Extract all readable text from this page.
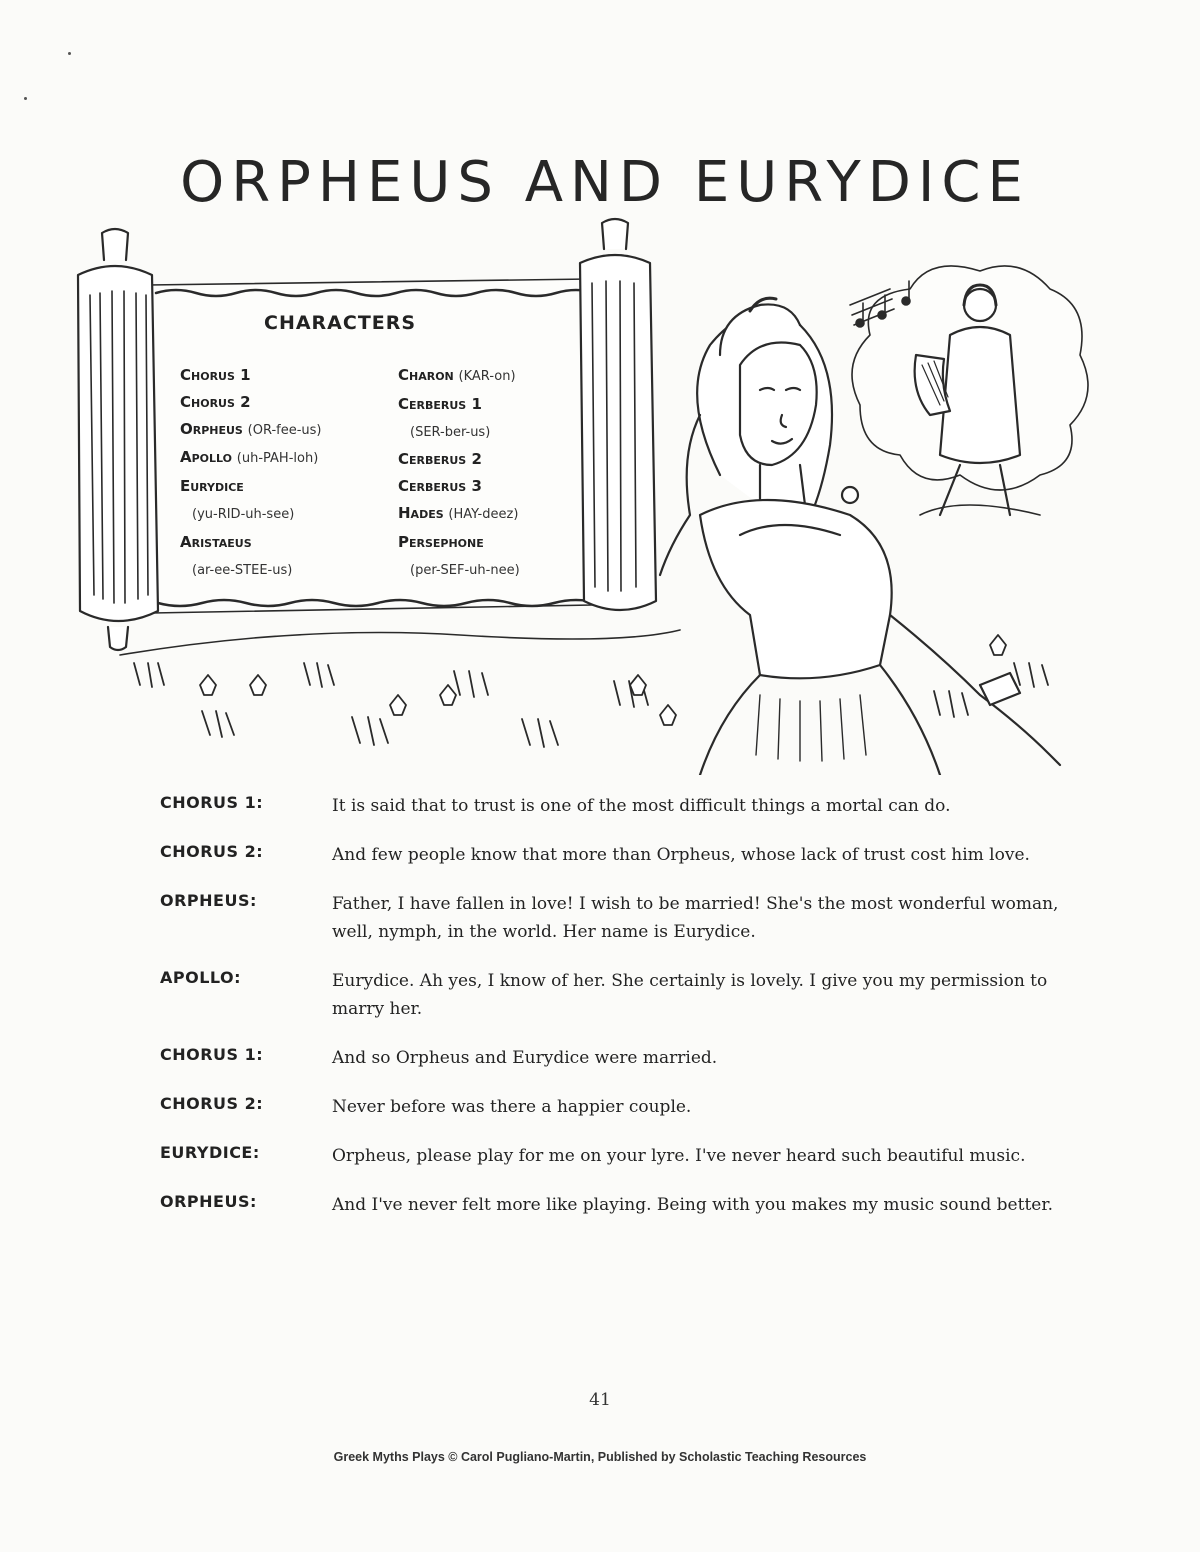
ORPHEUS AND EURYDICE
CHARACTERS
Chorus 1
Chorus 2
Orpheus (OR-fee-us)
Apollo (uh-PAH-loh)
Eurydice
(yu-RID-uh-see)
Aristaeus
(ar-ee-STEE-us)
Charon (KAR-on)
Cerberus 1
(SER-ber-us)
Cerberus 2
Cerberus 3
Hades (HAY-deez)
Persephone
(per-SEF-uh-nee)
CHORUS 1:	It is said that to trust is one of the most difficult things a mortal can do.
CHORUS 2:	And few people know that more than Orpheus, whose lack of trust cost him love.
ORPHEUS:	Father, I have fallen in love! I wish to be married! She's the most wonderful woman, well, nymph, in the world. Her name is Eurydice.
APOLLO:	Eurydice. Ah yes, I know of her. She certainly is lovely. I give you my permission to marry her.
CHORUS 1:	And so Orpheus and Eurydice were married.
CHORUS 2:	Never before was there a happier couple.
EURYDICE:	Orpheus, please play for me on your lyre. I've never heard such beautiful music.
ORPHEUS:	And I've never felt more like playing. Being with you makes my music sound better.
41
Greek Myths Plays © Carol Pugliano-Martin, Published by Scholastic Teaching Resources
